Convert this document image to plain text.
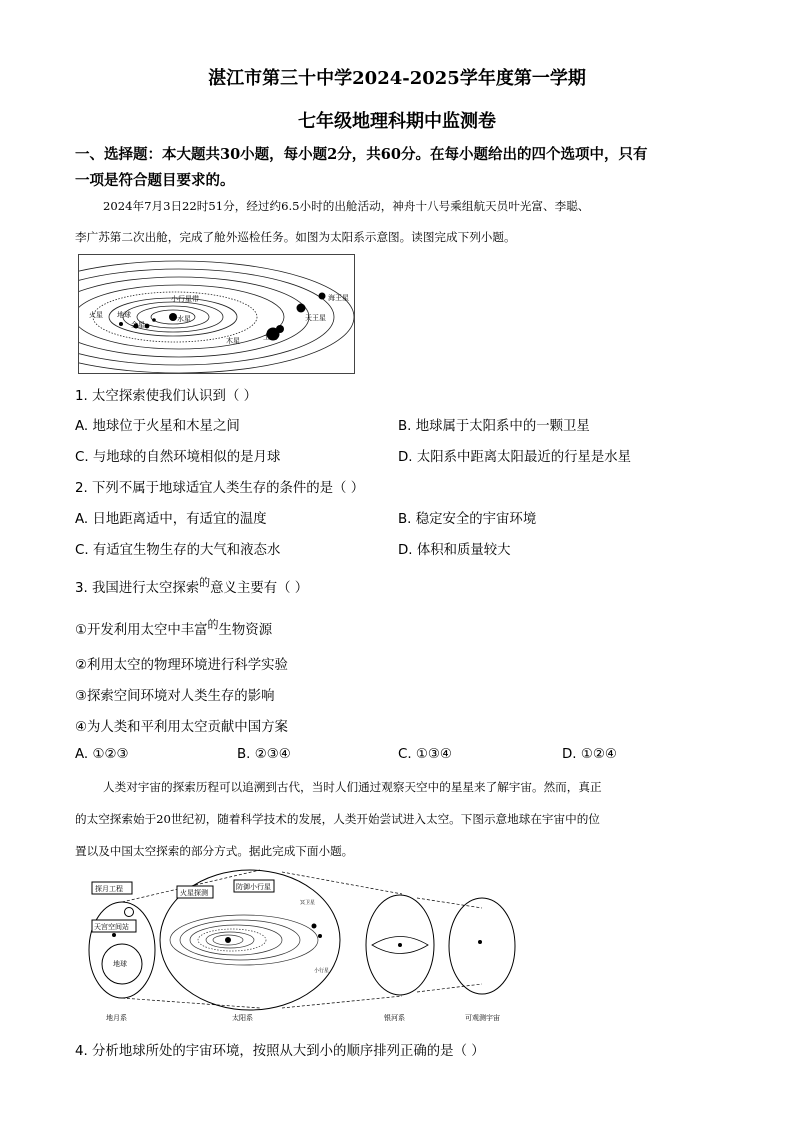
湛江市第三十中学2024-2025学年度第一学期
七年级地理科期中监测卷
一、选择题：本大题共30小题，每小题2分，共60分。在每小题给出的四个选项中，只有
一项是符合题目要求的。
2024年7月3日22时51分，经过约6.5小时的出舱活动，神舟十八号乘组航天员叶光富、李聪、
李广苏第二次出舱，完成了舱外巡检任务。如图为太阳系示意图。读图完成下列小题。
海王星
天王星
土星
木星
小行星带
火星 地球
金星
水星
1. 太空探索使我们认识到（ ）
A. 地球位于火星和木星之间	B. 地球属于太阳系中的一颗卫星
C. 与地球的自然环境相似的是月球	D. 太阳系中距离太阳最近的行星是水星
2. 下列不属于地球适宜人类生存的条件的是（ ）
A. 日地距离适中，有适宜的温度	B. 稳定安全的宇宙环境
C. 有适宜生物生存的大气和液态水	D. 体积和质量较大
3. 我国进行太空探索$^的$意义主要有（ ）
①开发利用太空中丰富$^的$生物资源
②利用太空的物理环境进行科学实验
③探索空间环境对人类生存的影响
④为人类和平利用太空贡献中国方案
A. ①②③	B. ②③④	C. ①③④	D. ①②④
人类对宇宙的探索历程可以追溯到古代，当时人们通过观察天空中的星星来了解宇宙。然而，真正
的太空探索始于20世纪初，随着科学技术的发展，人类开始尝试进入太空。下图示意地球在宇宙中的位
置以及中国太空探索的部分方式。据此完成下面小题。
探月工程
天宫空间站
地球
火星探测
防御小行星
冥卫星
小行星
地月系	太阳系	银河系	可观测宇宙
4. 分析地球所处的宇宙环境，按照从大到小的顺序排列正确的是（ ）
